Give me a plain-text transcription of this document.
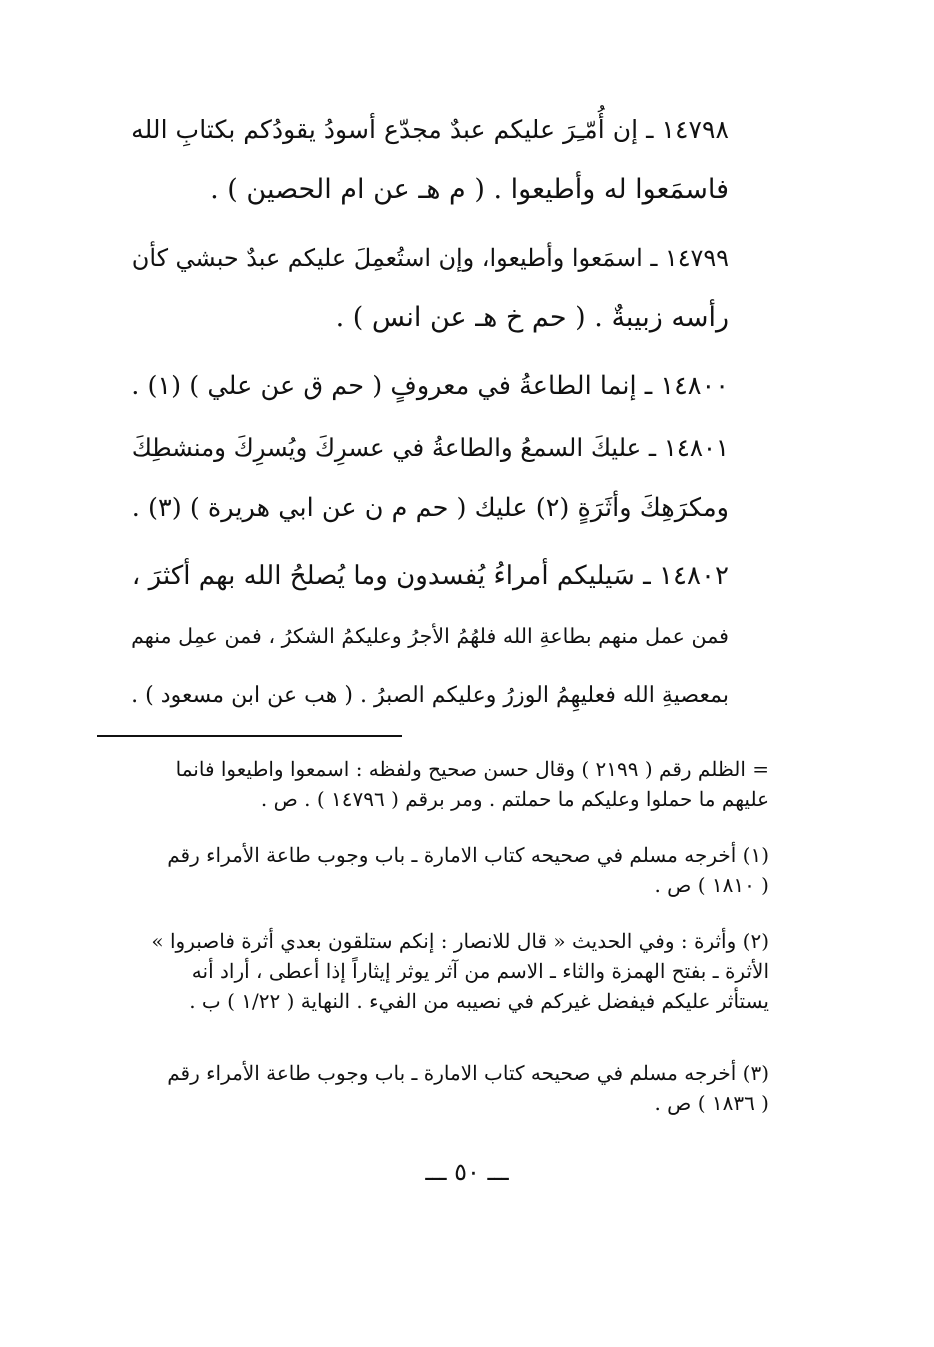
١٤٧٩٨ ـ إن أُمّـِرَ عليكم عبدٌ مجدّع أسودُ يقودُكم بكتابِ الله
فاسمَعوا له وأطيعوا . ( م هـ عن ام الحصين ) .
١٤٧٩٩ ـ اسمَعوا وأطيعوا، وإن استُعمِلَ عليكم عبدٌ حبشي كأن
رأسه زبيبةٌ . ( حم خ هـ عن انس ) .
١٤٨٠٠ ـ إنما الطاعةُ في معروفٍ ( حم ق عن علي ) (١) .
١٤٨٠١ ـ عليكَ السمعُ والطاعةُ في عسرِكَ ويُسرِكَ ومنشطِكَ
ومكرَهِكَ وأثَرَةٍ (٢) عليك ( حم م ن عن ابي هريرة ) (٣) .
١٤٨٠٢ ـ سَيليكم أمراءُ يُفسدون وما يُصلحُ الله بهم أكثرَ ،
فمن عمل منهم بطاعةِ الله فلهُمُ الأجرُ وعليكمُ الشكرُ ، فمن عمِل منهم
بمعصيةِ الله فعليهِمُ الوزرُ وعليكم الصبرُ . ( هب عن ابن مسعود ) .
= الظلم رقم ( ٢١٩٩ ) وقال حسن صحيح ولفظه : اسمعوا واطيعوا فانما
عليهم ما حملوا وعليكم ما حملتم . ومر برقم ( ١٤٧٩٦ ) . ص .
(١) أخرجه مسلم في صحيحه كتاب الامارة ـ باب وجوب طاعة الأمراء رقم
( ١٨١٠ ) ص .
(٢) وأثرة : وفي الحديث « قال للانصار : إنكم ستلقون بعدي أثرة فاصبروا »
الأثرة ـ بفتح الهمزة والثاء ـ الاسم من آثر يوثر إيثاراً إذا أعطى ، أراد أنه
يستأثر عليكم فيفضل غيركم في نصيبه من الفيء . النهاية ( ١/٢٢ ) ب .
(٣) أخرجه مسلم في صحيحه كتاب الامارة ـ باب وجوب طاعة الأمراء رقم
( ١٨٣٦ ) ص .
ـــ ٥٠ ـــ
